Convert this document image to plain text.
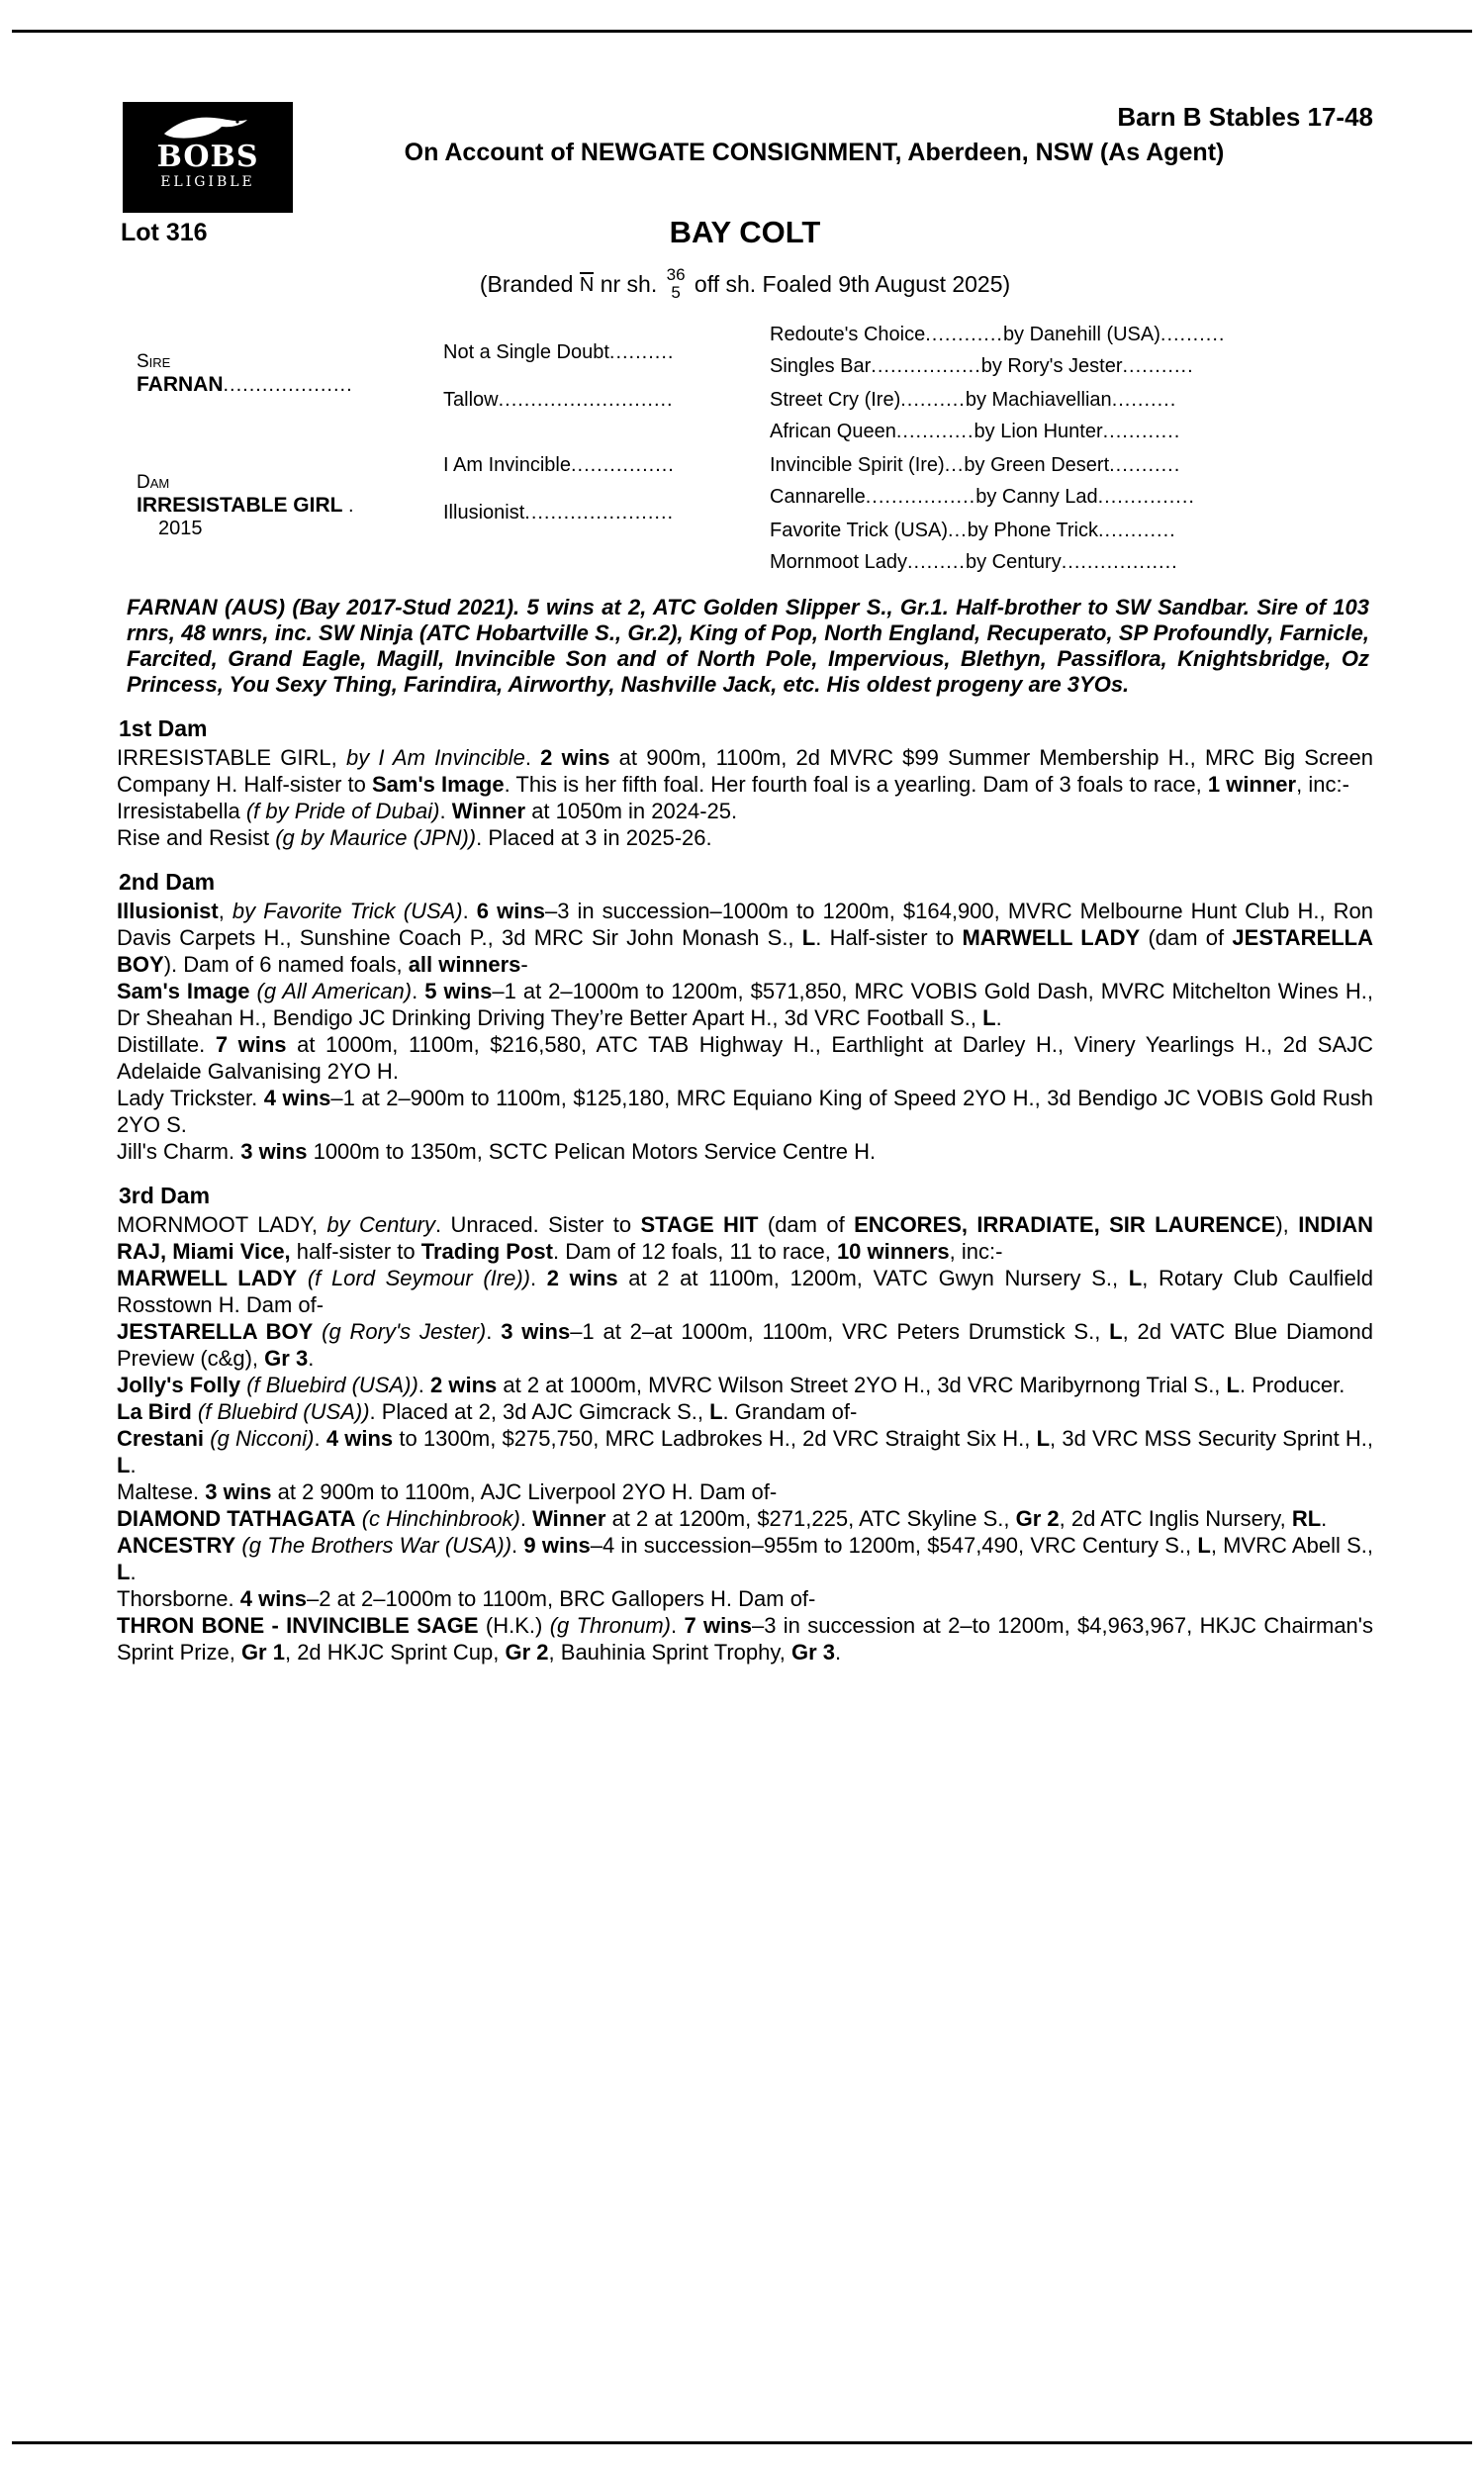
BOBS
ELIGIBLE
Barn B Stables 17-48
On Account of NEWGATE CONSIGNMENT, Aberdeen, NSW (As Agent)
Lot 316	BAY COLT
(Branded N nr sh. 36
5 off sh. Foaled 9th August 2025)
Sire
FARNAN....................
Dam
IRRESISTABLE GIRL .
2015
Not a Single Doubt..........
Tallow...........................
I Am Invincible................
Illusionist.......................
Redoute's Choice............by Danehill (USA)..........
Singles Bar.................by Rory's Jester...........
Street Cry (Ire)..........by Machiavellian..........
African Queen............by Lion Hunter............
Invincible Spirit (Ire)...by Green Desert...........
Cannarelle.................by Canny Lad...............
Favorite Trick (USA)...by Phone Trick............
Mornmoot Lady.........by Century..................
FARNAN (AUS) (Bay 2017-Stud 2021). 5 wins at 2, ATC Golden Slipper S., Gr.1. Half-brother to SW Sandbar. Sire of 103 rnrs, 48 wnrs, inc. SW Ninja (ATC Hobartville S., Gr.2), King of Pop, North England, Recuperato, SP Profoundly, Farnicle, Farcited, Grand Eagle, Magill, Invincible Son and of North Pole, Impervious, Blethyn, Passiflora, Knightsbridge, Oz Princess, You Sexy Thing, Farindira, Airworthy, Nashville Jack, etc. His oldest progeny are 3YOs.
1st Dam

IRRESISTABLE GIRL, by I Am Invincible. 2 wins at 900m, 1100m, 2d MVRC $99 Summer Membership H., MRC Big Screen Company H. Half-sister to Sam's Image. This is her fifth foal. Her fourth foal is a yearling. Dam of 3 foals to race, 1 winner, inc:-

Irresistabella (f by Pride of Dubai). Winner at 1050m in 2024-25.

Rise and Resist (g by Maurice (JPN)). Placed at 3 in 2025-26.

2nd Dam

Illusionist, by Favorite Trick (USA). 6 wins–3 in succession–1000m to 1200m, $164,900, MVRC Melbourne Hunt Club H., Ron Davis Carpets H., Sunshine Coach P., 3d MRC Sir John Monash S., L. Half-sister to MARWELL LADY (dam of JESTARELLA BOY). Dam of 6 named foals, all winners-

Sam's Image (g All American). 5 wins–1 at 2–1000m to 1200m, $571,850, MRC VOBIS Gold Dash, MVRC Mitchelton Wines H., Dr Sheahan H., Bendigo JC Drinking Driving They’re Better Apart H., 3d VRC Football S., L.

Distillate. 7 wins at 1000m, 1100m, $216,580, ATC TAB Highway H., Earthlight at Darley H., Vinery Yearlings H., 2d SAJC Adelaide Galvanising 2YO H.

Lady Trickster. 4 wins–1 at 2–900m to 1100m, $125,180, MRC Equiano King of Speed 2YO H., 3d Bendigo JC VOBIS Gold Rush 2YO S.

Jill's Charm. 3 wins 1000m to 1350m, SCTC Pelican Motors Service Centre H.

3rd Dam

MORNMOOT LADY, by Century. Unraced. Sister to STAGE HIT (dam of ENCORES, IRRADIATE, SIR LAURENCE), INDIAN RAJ, Miami Vice, half-sister to Trading Post. Dam of 12 foals, 11 to race, 10 winners, inc:-

MARWELL LADY (f Lord Seymour (Ire)). 2 wins at 2 at 1100m, 1200m, VATC Gwyn Nursery S., L, Rotary Club Caulfield Rosstown H. Dam of-

JESTARELLA BOY (g Rory's Jester). 3 wins–1 at 2–at 1000m, 1100m, VRC Peters Drumstick S., L, 2d VATC Blue Diamond Preview (c&g), Gr 3.

Jolly's Folly (f Bluebird (USA)). 2 wins at 2 at 1000m, MVRC Wilson Street 2YO H., 3d VRC Maribyrnong Trial S., L. Producer.

La Bird (f Bluebird (USA)). Placed at 2, 3d AJC Gimcrack S., L. Grandam of-

Crestani (g Nicconi). 4 wins to 1300m, $275,750, MRC Ladbrokes H., 2d VRC Straight Six H., L, 3d VRC MSS Security Sprint H., L.

Maltese. 3 wins at 2 900m to 1100m, AJC Liverpool 2YO H. Dam of-

DIAMOND TATHAGATA (c Hinchinbrook). Winner at 2 at 1200m, $271,225, ATC Skyline S., Gr 2, 2d ATC Inglis Nursery, RL.

ANCESTRY (g The Brothers War (USA)). 9 wins–4 in succession–955m to 1200m, $547,490, VRC Century S., L, MVRC Abell S., L.

Thorsborne. 4 wins–2 at 2–1000m to 1100m, BRC Gallopers H. Dam of-

THRON BONE - INVINCIBLE SAGE (H.K.) (g Thronum). 7 wins–3 in succession at 2–to 1200m, $4,963,967, HKJC Chairman's Sprint Prize, Gr 1, 2d HKJC Sprint Cup, Gr 2, Bauhinia Sprint Trophy, Gr 3.
